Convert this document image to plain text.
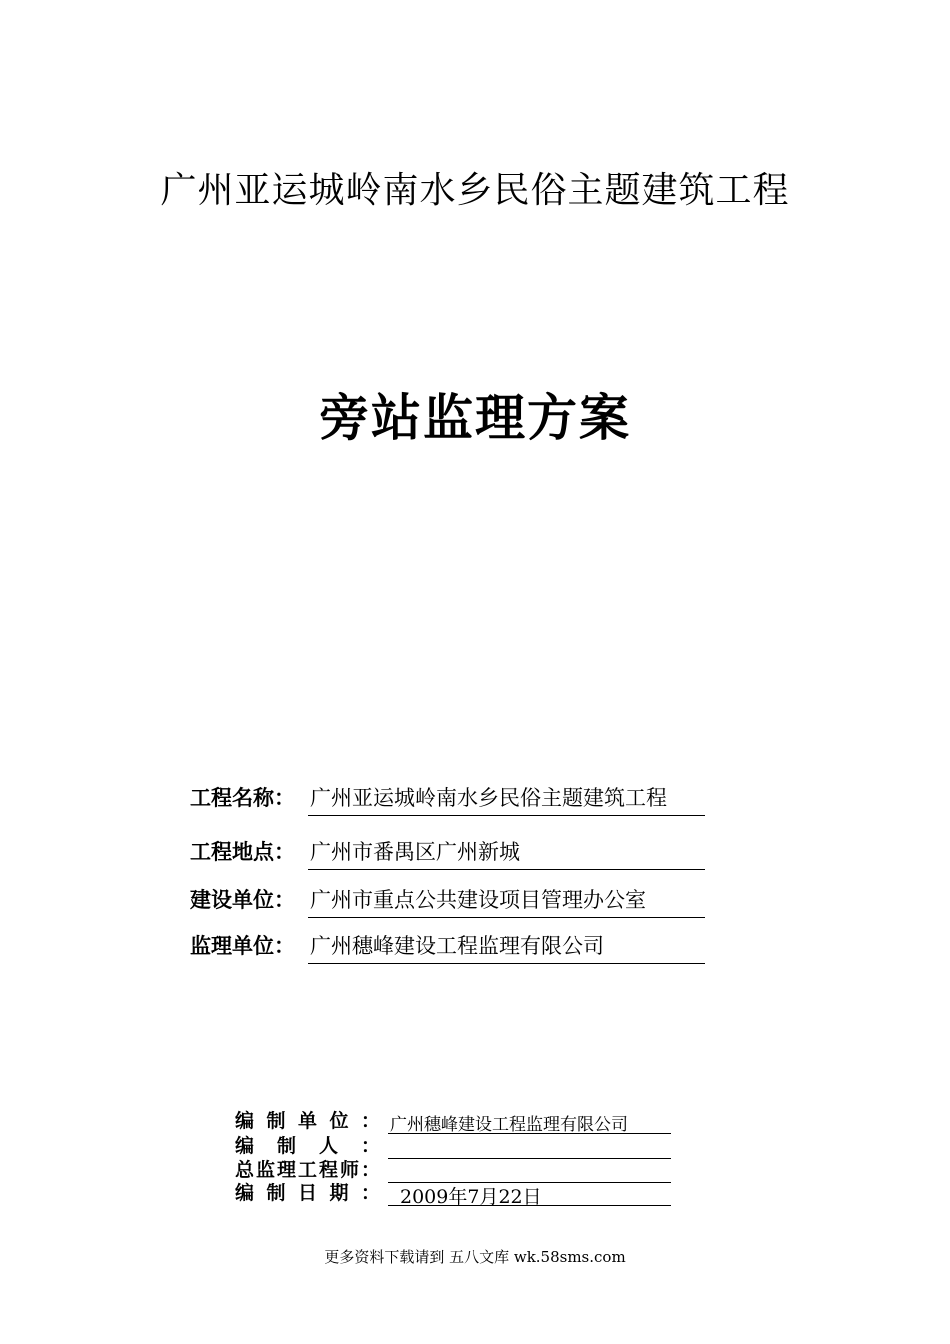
广州亚运城岭南水乡民俗主题建筑工程
旁站监理方案
工程名称： 广州亚运城岭南水乡民俗主题建筑工程
工程地点： 广州市番禺区广州新城
建设单位： 广州市重点公共建设项目管理办公室
监理单位： 广州穗峰建设工程监理有限公司
编制单位： 广州穗峰建设工程监理有限公司
编制人：
总监理工程师：
编制日期：	2009年7月22日
更多资料下载请到 五八文库 wk.58sms.com
